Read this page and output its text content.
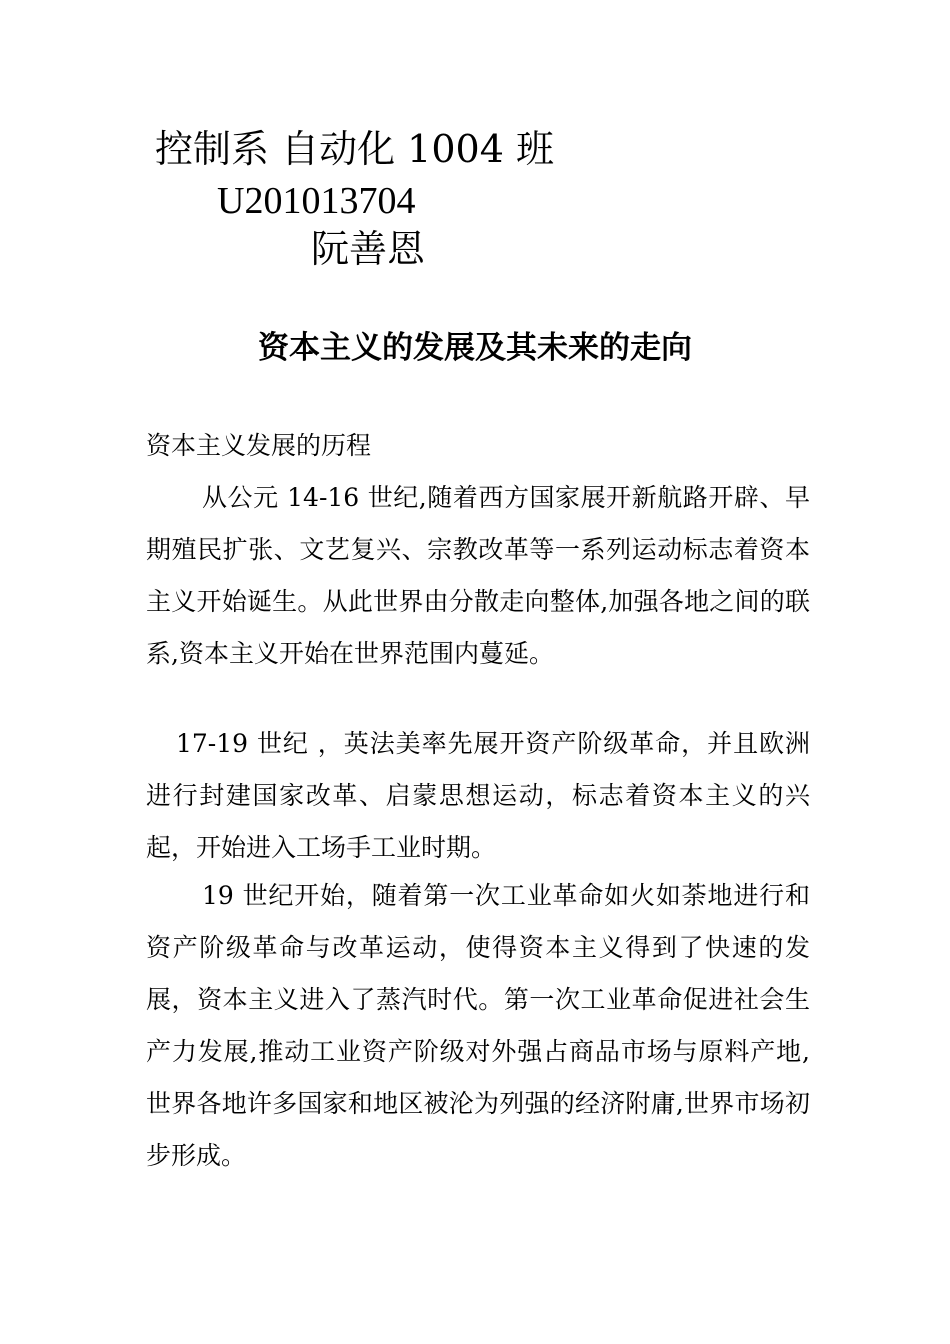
控制系 自动化 1004 班
U201013704
阮善恩
资本主义的发展及其未来的走向
资本主义发展的历程

从公元 14-16 世纪,随着西方国家展开新航路开辟、早期殖民扩张、文艺复兴、宗教改革等一系列运动标志着资本主义开始诞生。从此世界由分散走向整体,加强各地之间的联系,资本主义开始在世界范围内蔓延。

17-19 世纪 ，英法美率先展开资产阶级革命，并且欧洲进行封建国家改革、启蒙思想运动，标志着资本主义的兴起，开始进入工场手工业时期。

19 世纪开始，随着第一次工业革命如火如荼地进行和资产阶级革命与改革运动，使得资本主义得到了快速的发展，资本主义进入了蒸汽时代。第一次工业革命促进社会生产力发展,推动工业资产阶级对外强占商品市场与原料产地,世界各地许多国家和地区被沦为列强的经济附庸,世界市场初步形成。
